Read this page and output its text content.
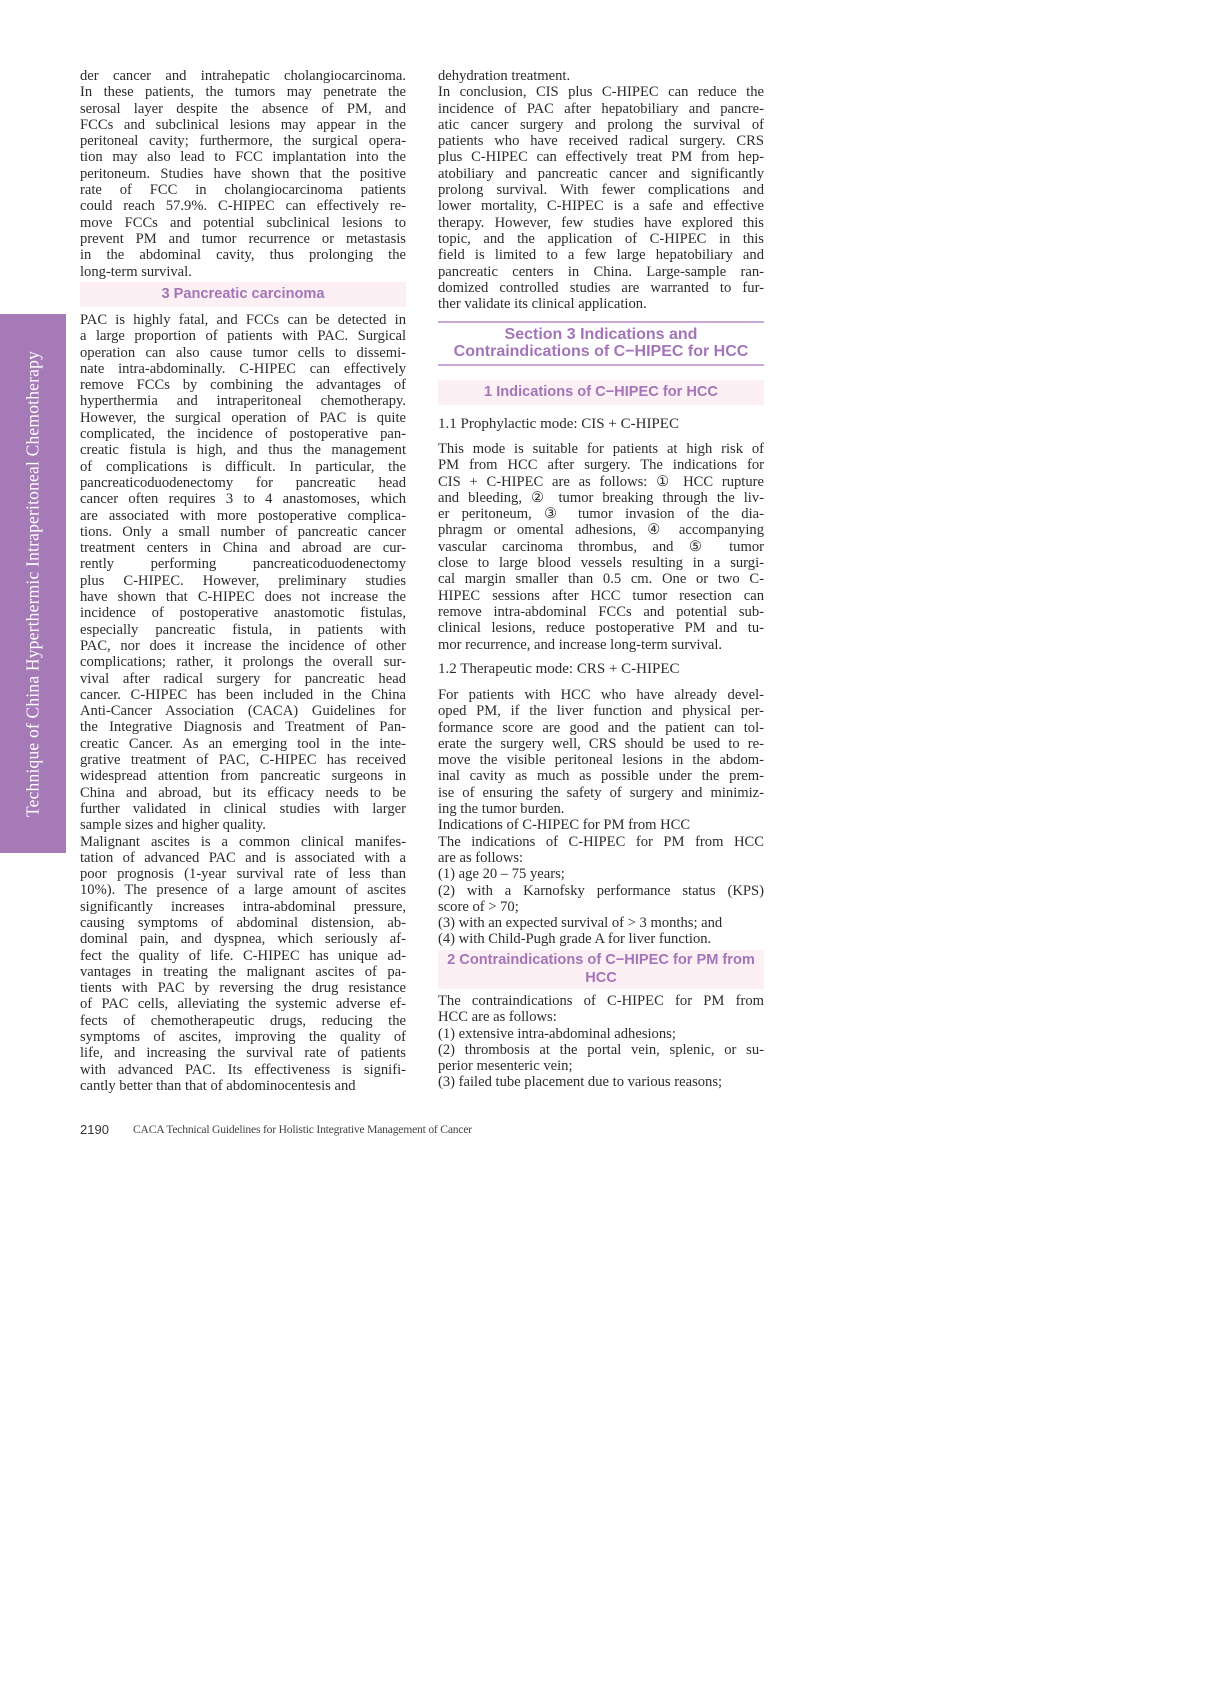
Technique of China Hyperthermic Intraperitoneal Chemotherapy
der cancer and intrahepatic cholangiocarcinoma.
In these patients, the tumors may penetrate the
serosal layer despite the absence of PM, and
FCCs and subclinical lesions may appear in the
peritoneal cavity; furthermore, the surgical opera-
tion may also lead to FCC implantation into the
peritoneum. Studies have shown that the positive
rate of FCC in cholangiocarcinoma patients
could reach 57.9%. C-HIPEC can effectively re-
move FCCs and potential subclinical lesions to
prevent PM and tumor recurrence or metastasis
in the abdominal cavity, thus prolonging the
long-term survival.
3 Pancreatic carcinoma
PAC is highly fatal, and FCCs can be detected in
a large proportion of patients with PAC. Surgical
operation can also cause tumor cells to dissemi-
nate intra-abdominally. C-HIPEC can effectively
remove FCCs by combining the advantages of
hyperthermia and intraperitoneal chemotherapy.
However, the surgical operation of PAC is quite
complicated, the incidence of postoperative pan-
creatic fistula is high, and thus the management
of complications is difficult. In particular, the
pancreaticoduodenectomy for pancreatic head
cancer often requires 3 to 4 anastomoses, which
are associated with more postoperative complica-
tions. Only a small number of pancreatic cancer
treatment centers in China and abroad are cur-
rently performing pancreaticoduodenectomy
plus C-HIPEC. However, preliminary studies
have shown that C-HIPEC does not increase the
incidence of postoperative anastomotic fistulas,
especially pancreatic fistula, in patients with
PAC, nor does it increase the incidence of other
complications; rather, it prolongs the overall sur-
vival after radical surgery for pancreatic head
cancer. C-HIPEC has been included in the China
Anti-Cancer Association (CACA) Guidelines for
the Integrative Diagnosis and Treatment of Pan-
creatic Cancer. As an emerging tool in the inte-
grative treatment of PAC, C-HIPEC has received
widespread attention from pancreatic surgeons in
China and abroad, but its efficacy needs to be
further validated in clinical studies with larger
sample sizes and higher quality.
Malignant ascites is a common clinical manifes-
tation of advanced PAC and is associated with a
poor prognosis (1-year survival rate of less than
10%). The presence of a large amount of ascites
significantly increases intra-abdominal pressure,
causing symptoms of abdominal distension, ab-
dominal pain, and dyspnea, which seriously af-
fect the quality of life. C-HIPEC has unique ad-
vantages in treating the malignant ascites of pa-
tients with PAC by reversing the drug resistance
of PAC cells, alleviating the systemic adverse ef-
fects of chemotherapeutic drugs, reducing the
symptoms of ascites, improving the quality of
life, and increasing the survival rate of patients
with advanced PAC. Its effectiveness is signifi-
cantly better than that of abdominocentesis and
dehydration treatment.
In conclusion, CIS plus C-HIPEC can reduce the
incidence of PAC after hepatobiliary and pancre-
atic cancer surgery and prolong the survival of
patients who have received radical surgery. CRS
plus C-HIPEC can effectively treat PM from hep-
atobiliary and pancreatic cancer and significantly
prolong survival. With fewer complications and
lower mortality, C-HIPEC is a safe and effective
therapy. However, few studies have explored this
topic, and the application of C-HIPEC in this
field is limited to a few large hepatobiliary and
pancreatic centers in China. Large-sample ran-
domized controlled studies are warranted to fur-
ther validate its clinical application.
Section 3 Indications and
Contraindications of C−HIPEC for HCC
1 Indications of C−HIPEC for HCC
1.1 Prophylactic mode: CIS + C-HIPEC
This mode is suitable for patients at high risk of
PM from HCC after surgery. The indications for
CIS + C-HIPEC are as follows: ① HCC rupture
and bleeding, ② tumor breaking through the liv-
er peritoneum, ③ tumor invasion of the dia-
phragm or omental adhesions, ④ accompanying
vascular carcinoma thrombus, and ⑤ tumor
close to large blood vessels resulting in a surgi-
cal margin smaller than 0.5 cm. One or two C-
HIPEC sessions after HCC tumor resection can
remove intra-abdominal FCCs and potential sub-
clinical lesions, reduce postoperative PM and tu-
mor recurrence, and increase long-term survival.
1.2 Therapeutic mode: CRS + C-HIPEC
For patients with HCC who have already devel-
oped PM, if the liver function and physical per-
formance score are good and the patient can tol-
erate the surgery well, CRS should be used to re-
move the visible peritoneal lesions in the abdom-
inal cavity as much as possible under the prem-
ise of ensuring the safety of surgery and minimiz-
ing the tumor burden.
Indications of C-HIPEC for PM from HCC
The indications of C-HIPEC for PM from HCC
are as follows:
(1) age 20 – 75 years;
(2) with a Karnofsky performance status (KPS)
score of > 70;
(3) with an expected survival of > 3 months; and
(4) with Child-Pugh grade A for liver function.
2 Contraindications of C−HIPEC for PM from
HCC
The contraindications of C-HIPEC for PM from
HCC are as follows:
(1) extensive intra-abdominal adhesions;
(2) thrombosis at the portal vein, splenic, or su-
perior mesenteric vein;
(3) failed tube placement due to various reasons;
2190 CACA Technical Guidelines for Holistic Integrative Management of Cancer
